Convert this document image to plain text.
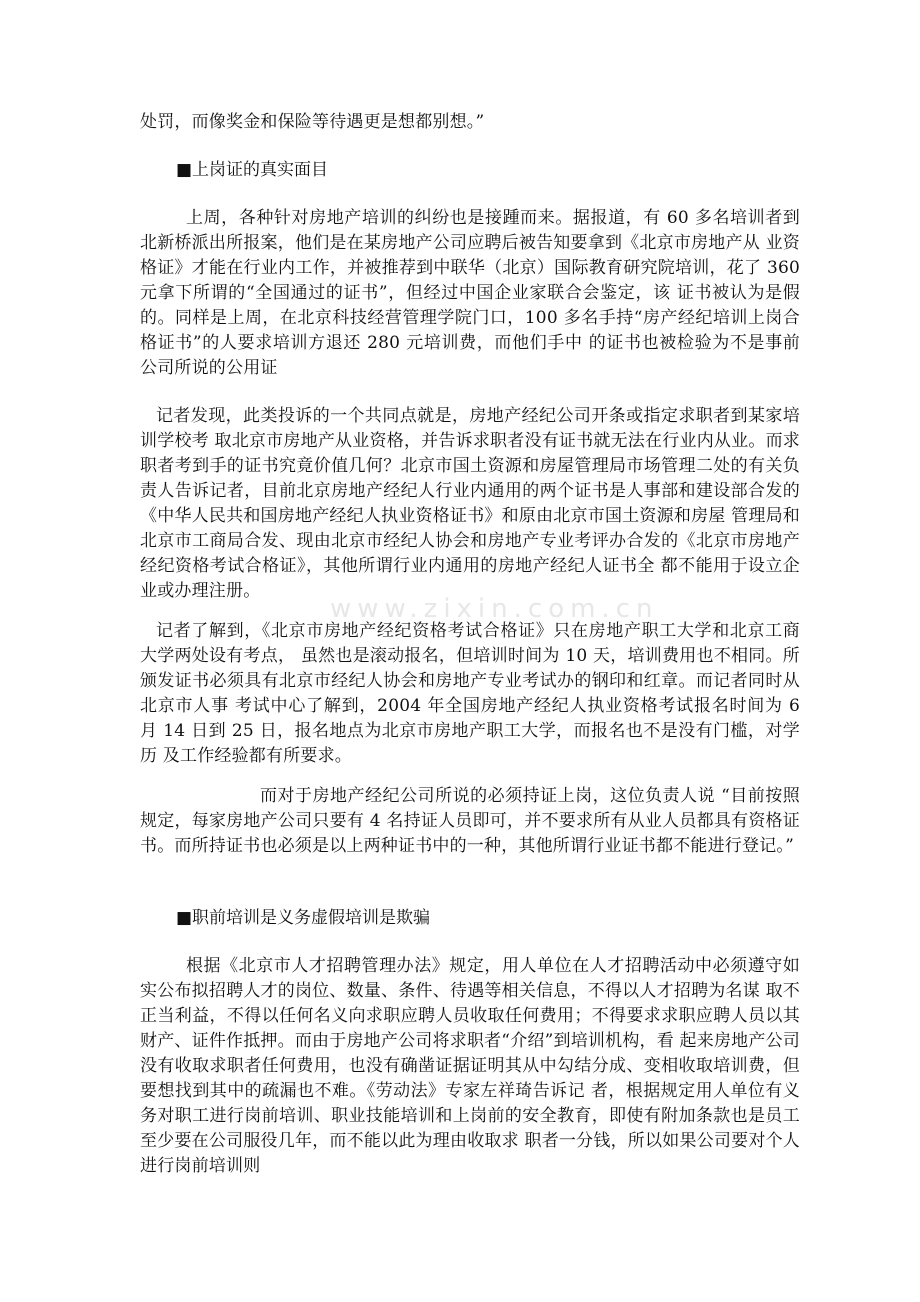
处罚，而像奖金和保险等待遇更是想都别想。”
■上岗证的真实面目
上周，各种针对房地产培训的纠纷也是接踵而来。据报道，有 60 多名培训者到北新桥派出所报案，他们是在某房地产公司应聘后被告知要拿到《北京市房地产从 业资格证》才能在行业内工作，并被推荐到中联华（北京）国际教育研究院培训，花了 360 元拿下所谓的“全国通过的证书”，但经过中国企业家联合会鉴定，该 证书被认为是假的。同样是上周，在北京科技经营管理学院门口，100 多名手持“房产经纪培训上岗合格证书”的人要求培训方退还 280 元培训费，而他们手中 的证书也被检验为不是事前公司所说的公用证
记者发现，此类投诉的一个共同点就是，房地产经纪公司开条或指定求职者到某家培训学校考 取北京市房地产从业资格，并告诉求职者没有证书就无法在行业内从业。而求职者考到手的证书究竟价值几何？北京市国土资源和房屋管理局市场管理二处的有关负 责人告诉记者，目前北京房地产经纪人行业内通用的两个证书是人事部和建设部合发的《中华人民共和国房地产经纪人执业资格证书》和原由北京市国土资源和房屋 管理局和北京市工商局合发、现由北京市经纪人协会和房地产专业考评办合发的《北京市房地产经纪资格考试合格证》，其他所谓行业内通用的房地产经纪人证书全 都不能用于设立企业或办理注册。
记者了解到，《北京市房地产经纪资格考试合格证》只在房地产职工大学和北京工商大学两处设有考点， 虽然也是滚动报名，但培训时间为 10 天，培训费用也不相同。所颁发证书必须具有北京市经纪人协会和房地产专业考试办的钢印和红章。而记者同时从北京市人事 考试中心了解到，2004 年全国房地产经纪人执业资格考试报名时间为 6 月 14 日到 25 日，报名地点为北京市房地产职工大学，而报名也不是没有门槛，对学历 及工作经验都有所要求。
而对于房地产经纪公司所说的必须持证上岗，这位负责人说 “目前按照规定，每家房地产公司只要有 4 名持证人员即可，并不要求所有从业人员都具有资格证书。而所持证书也必须是以上两种证书中的一种，其他所谓行业证书都不能进行登记。”
■职前培训是义务虚假培训是欺骗
根据《北京市人才招聘管理办法》规定，用人单位在人才招聘活动中必须遵守如实公布拟招聘人才的岗位、数量、条件、待遇等相关信息，不得以人才招聘为名谋 取不正当利益，不得以任何名义向求职应聘人员收取任何费用；不得要求求职应聘人员以其财产、证件作抵押。而由于房地产公司将求职者“介绍”到培训机构，看 起来房地产公司没有收取求职者任何费用，也没有确凿证据证明其从中勾结分成、变相收取培训费，但要想找到其中的疏漏也不难。《劳动法》专家左祥琦告诉记 者，根据规定用人单位有义务对职工进行岗前培训、职业技能培训和上岗前的安全教育，即使有附加条款也是员工至少要在公司服役几年，而不能以此为理由收取求 职者一分钱，所以如果公司要对个人进行岗前培训则
www.zixin.com.cn
